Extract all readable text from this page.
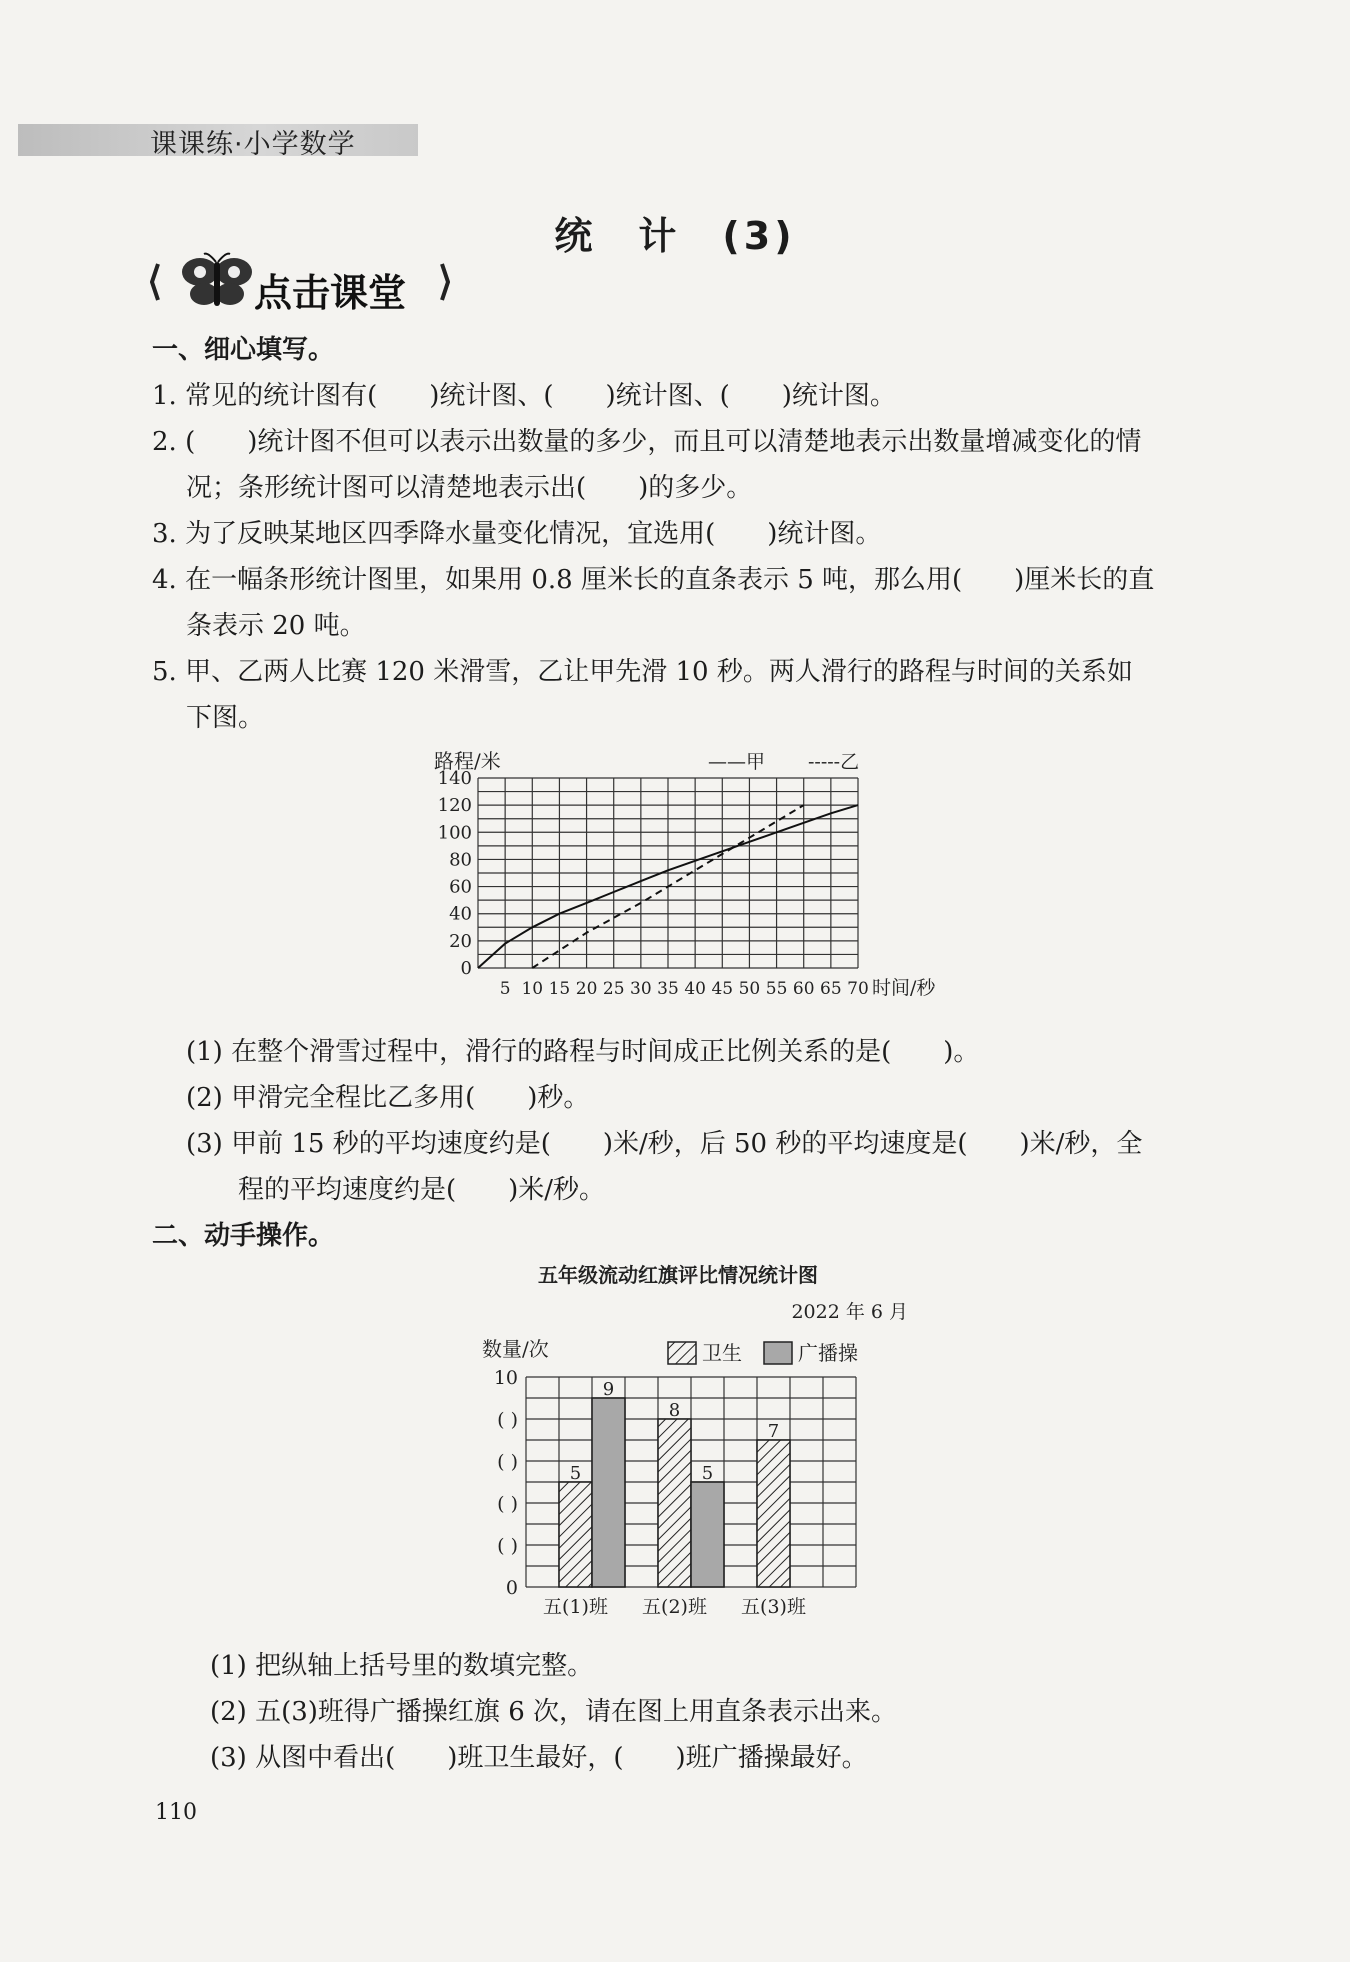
课课练·小学数学
统　计　(3)
点击课堂
一、细心填写。
1. 常见的统计图有(　　)统计图、(　　)统计图、(　　)统计图。
2. (　　)统计图不但可以表示出数量的多少，而且可以清楚地表示出数量增减变化的情
况；条形统计图可以清楚地表示出(　　)的多少。
3. 为了反映某地区四季降水量变化情况，宜选用(　　)统计图。
4. 在一幅条形统计图里，如果用 0.8 厘米长的直条表示 5 吨，那么用(　　)厘米长的直
条表示 20 吨。
5. 甲、乙两人比赛 120 米滑雪，乙让甲先滑 10 秒。两人滑行的路程与时间的关系如
下图。
0
20
40
60
80
100
120
140
5 10 15 20 25 30 35 40 45 50 55 60 65 70 时间/秒
路程/米	——甲 -----乙
(1) 在整个滑雪过程中，滑行的路程与时间成正比例关系的是(　　)。
(2) 甲滑完全程比乙多用(　　)秒。
(3) 甲前 15 秒的平均速度约是(　　)米/秒，后 50 秒的平均速度是(　　)米/秒，全
程的平均速度约是(　　)米/秒。
二、动手操作。
五年级流动红旗评比情况统计图
2022 年 6 月
数量/次	卫生	广播操
0
( )
( )
( )
( )
10
5
9
五(1)班
8
5
五(2)班
7
五(3)班
(1) 把纵轴上括号里的数填完整。
(2) 五(3)班得广播操红旗 6 次，请在图上用直条表示出来。
(3) 从图中看出(　　)班卫生最好，(　　)班广播操最好。
110
